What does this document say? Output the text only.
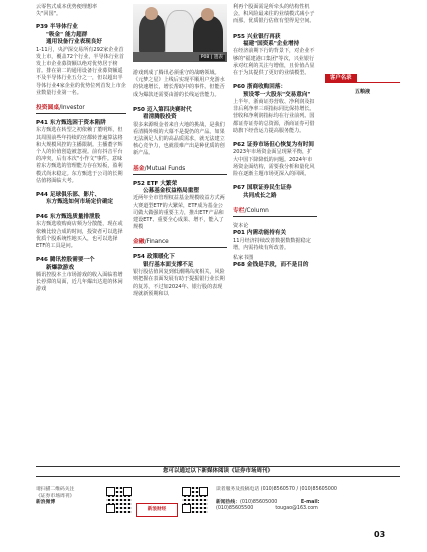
云零售式成本优势便理想率
失"回国"。

P39 半导体行业

"吸金" 能力超群

通用设备行业表现良好

1-11月，央沪深交易所有292家企业首发上市，覆盖72个行业，半导体行业首发上市企业募资额以绝对优势居于榜首。排在第二的通用设备行业募资额遥不及半导体行业五分之一，但以超出半导体行业4家企业的优势位列首发上市企业数量行业第一名。

投资圆桌/Investor

P41 东方甄选困于资本陷阱

东方甄选在转型之初依赖了董明辉，但其周围前些年持续的宫都转普遍算法将和大规模风控的主播限制。主播董字辉个人的价值创造被忽视。前有抖音平台的冲突，后有本次"小作文"事件。意味着东方甄选的管理能力存在短板，盈利模式尚未稳定。东方甄选于公司的长期估值将面临大考。

P44 足球俱乐部、影片、

东方甄选如何市场定价确定

P46 东方甄选质量排泄股

东方甄选收购商店频为分散能，现在或依赖比较合成的时间，投资者可以选择优质个股系统性地买入，也可以选择ETF的工具是问。

P46 腾讯控股需要一个

新爆款游戏

腾讯控股本土市场游戏的收入面临着增长停滞的局面，近几年爆出达进的休闲游戏

P08 | 遗表

游戏到成了腾讯必须重守的战略领域。《元梦之星》上线后实现平顺用户充游水的快速增长，增长帮助中的事件。但能否成为爆款还需要由游的长线运营能力。

P50 迈入第四决赛时代

看清腾股投资

很多来源吸金者来自大地的挑战，是我们看清腾外吸的大幕不是提仍的产品。如果无法满足人们的高品质需求，就无法建立核心竞争力，也就很难产出是种优质的创新产品。

基金/Mutual Funds

P52 ETF 大繁荣

公募基金权益格局重塑

近两年全市管理权益基金规模收益方式两大赛道型ETF的大繁荣，ETF成为基金公司做大做强的重要主力，推出ETF产品和建设ETF、重要全心成果、增不，能入了规模

金融/Finance

P54 政策暖化下

银行基本面支撑不足

银行股估值回复到低潮期高度相关，风险则把握在表面发展有助于提振银行业长期的复苏，不过如2024年、银行股的表现现就新预期和以

利再个股面需是所牵头的结构性机会，积风险最来往的业绩模式减小子而那，优质银行估值有望得见空间。

P55 兴业银行再获

福建"国资系"企业增持

在经济前期下行的背景下，对企业不够的"福建港口集团"等次，兴业银行承对红利的关注与增值，且价值凸显在于为其提供了更好的业绩模型。

P60 浙商收购回落：

预设零一大股东"交易意向"

上半年，浙商证券营收、净利润及扣非后利净率三项指标同比保持增长。营收和净利润指标均在行业前列。国都证券证券的总资源，浙商证券可借助旗下经营运力提高服务能力。

P62 证券市场但心恢复为有时间

2023年市场资金面呈现紧平衡，扩大中国下降降低的问题。2024年市场资金面结构，需要我分析和量化风险在逐渐主题市场更深入的回顾。

P67 国联证券民生证券

共同成长之路

专栏/Column

资本论

P01 内需动能持有关

11月经济持续改善数据数数据稳定增，内需持续有所改善。

私家书图

P68 金钱是手段，而不是目的

客户名录
五粮液
您可以通过以下新媒体阅读《证券市场周刊》
请扫描二维码关注
《证券市场周刊》
新浪微博
新浪财经
读者服务及投稿电话 (010)8560570 / (010)85605000
新闻热线：(010)85605000	E-mail:
(010)85605500	tougao@163.com
03
